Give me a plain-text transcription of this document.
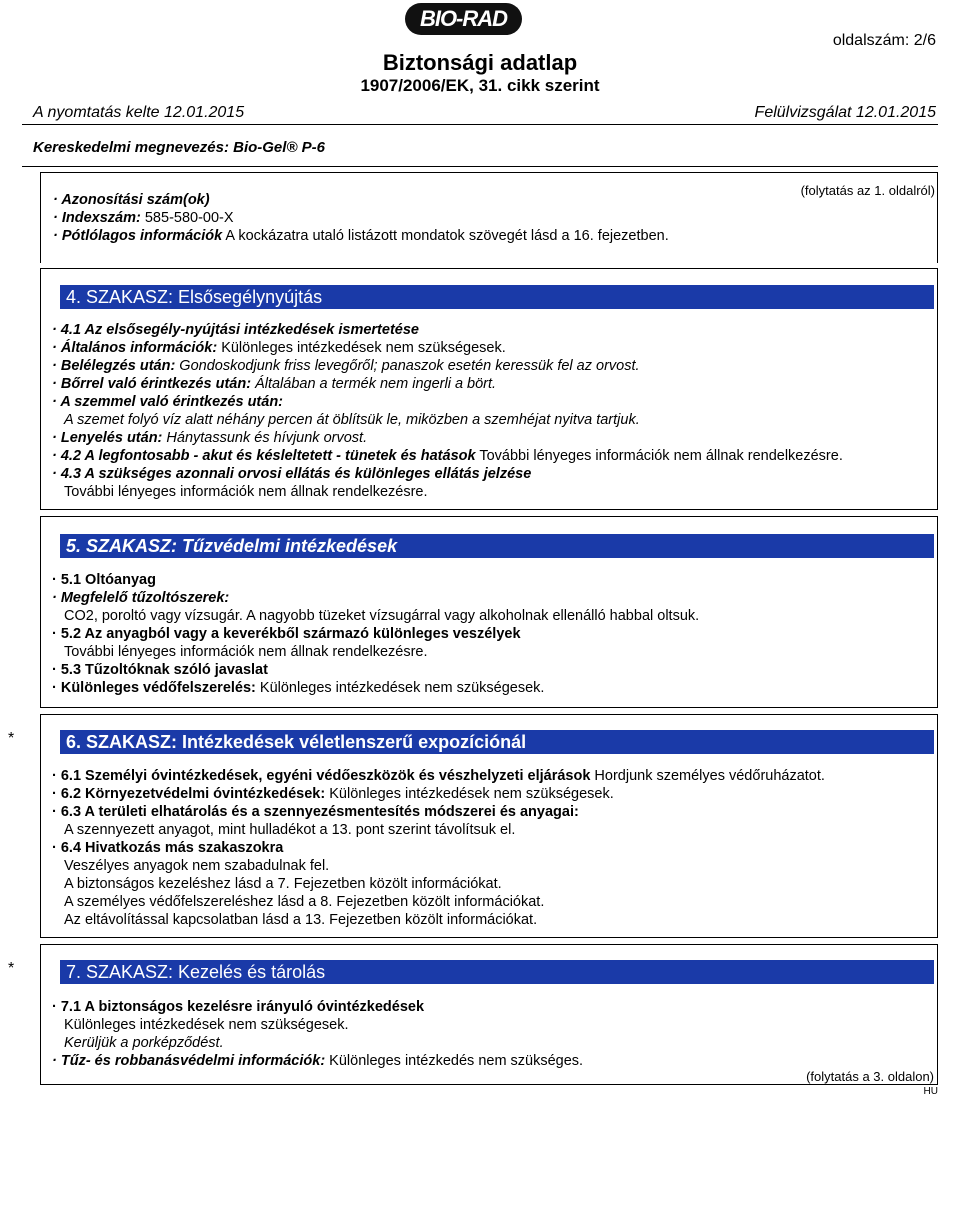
BIO-RAD
oldalszám: 2/6
Biztonsági adatlap
1907/2006/EK, 31. cikk szerint
A nyomtatás kelte 12.01.2015	Felülvizsgálat 12.01.2015
Kereskedelmi megnevezés: Bio-Gel® P-6
(folytatás az 1. oldalról)
· Azonosítási szám(ok)
· Indexszám: 585-580-00-X
· Pótlólagos információk A kockázatra utaló listázott mondatok szövegét lásd a 16. fejezetben.
4. SZAKASZ: Elsősegélynyújtás
· 4.1 Az elsősegély-nyújtási intézkedések ismertetése
· Általános információk: Különleges intézkedések nem szükségesek.
· Belélegzés után: Gondoskodjunk friss levegőről; panaszok esetén keressük fel az orvost.
· Bőrrel való érintkezés után: Általában a termék nem ingerli a bört.
· A szemmel való érintkezés után:
A szemet folyó víz alatt néhány percen át öblítsük le, miközben a szemhéjat nyitva tartjuk.
· Lenyelés után: Hánytassunk és hívjunk orvost.
· 4.2 A legfontosabb - akut és késleltetett - tünetek és hatások További lényeges információk nem állnak rendelkezésre.
· 4.3 A szükséges azonnali orvosi ellátás és különleges ellátás jelzése
További lényeges információk nem állnak rendelkezésre.
5. SZAKASZ: Tűzvédelmi intézkedések
· 5.1 Oltóanyag
· Megfelelő tűzoltószerek:
CO2, poroltó vagy vízsugár. A nagyobb tüzeket vízsugárral vagy alkoholnak ellenálló habbal oltsuk.
· 5.2 Az anyagból vagy a keverékből származó különleges veszélyek
További lényeges információk nem állnak rendelkezésre.
· 5.3 Tűzoltóknak szóló javaslat
· Különleges védőfelszerelés: Különleges intézkedések nem szükségesek.
*	6. SZAKASZ: Intézkedések véletlenszerű expozíciónál
· 6.1 Személyi óvintézkedések, egyéni védőeszközök és vészhelyzeti eljárások Hordjunk személyes védőruházatot.
· 6.2 Környezetvédelmi óvintézkedések: Különleges intézkedések nem szükségesek.
· 6.3 A területi elhatárolás és a szennyezésmentesítés módszerei és anyagai:
A szennyezett anyagot, mint hulladékot a 13. pont szerint távolítsuk el.
· 6.4 Hivatkozás más szakaszokra
Veszélyes anyagok nem szabadulnak fel.
A biztonságos kezeléshez lásd a 7. Fejezetben közölt információkat.
A személyes védőfelszereléshez lásd a 8. Fejezetben közölt információkat.
Az eltávolítással kapcsolatban lásd a 13. Fejezetben közölt információkat.
*	7. SZAKASZ: Kezelés és tárolás
· 7.1 A biztonságos kezelésre irányuló óvintézkedések
Különleges intézkedések nem szükségesek.
Kerüljük a porképződést.
· Tűz- és robbanásvédelmi információk: Különleges intézkedés nem szükséges.
(folytatás a 3. oldalon)
HU
